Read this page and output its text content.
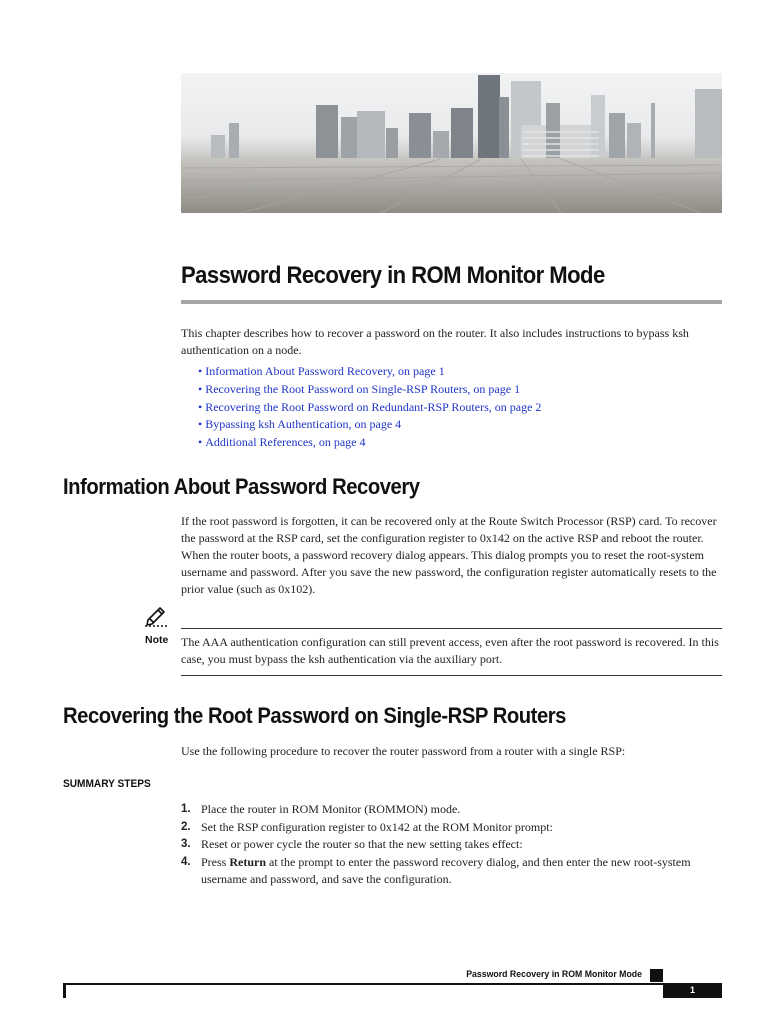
Password Recovery in ROM Monitor Mode
This chapter describes how to recover a password on the router. It also includes instructions to bypass ksh authentication on a node.
• Information About Password Recovery, on page 1
• Recovering the Root Password on Single-RSP Routers, on page 1
• Recovering the Root Password on Redundant-RSP Routers, on page 2
• Bypassing ksh Authentication, on page 4
• Additional References, on page 4
Information About Password Recovery
If the root password is forgotten, it can be recovered only at the Route Switch Processor (RSP) card. To recover the password at the RSP card, set the configuration register to 0x142 on the active RSP and reboot the router. When the router boots, a password recovery dialog appears. This dialog prompts you to reset the root-system username and password. After you save the new password, the configuration register automatically resets to the prior value (such as 0x102).
Note The AAA authentication configuration can still prevent access, even after the root password is recovered. In this case, you must bypass the ksh authentication via the auxiliary port.
Recovering the Root Password on Single-RSP Routers
Use the following procedure to recover the router password from a router with a single RSP:
SUMMARY STEPS
1. Place the router in ROM Monitor (ROMMON) mode.
2. Set the RSP configuration register to 0x142 at the ROM Monitor prompt:
3. Reset or power cycle the router so that the new setting takes effect:
4. Press Return at the prompt to enter the password recovery dialog, and then enter the new root-system username and password, and save the configuration.
Password Recovery in ROM Monitor Mode
1
